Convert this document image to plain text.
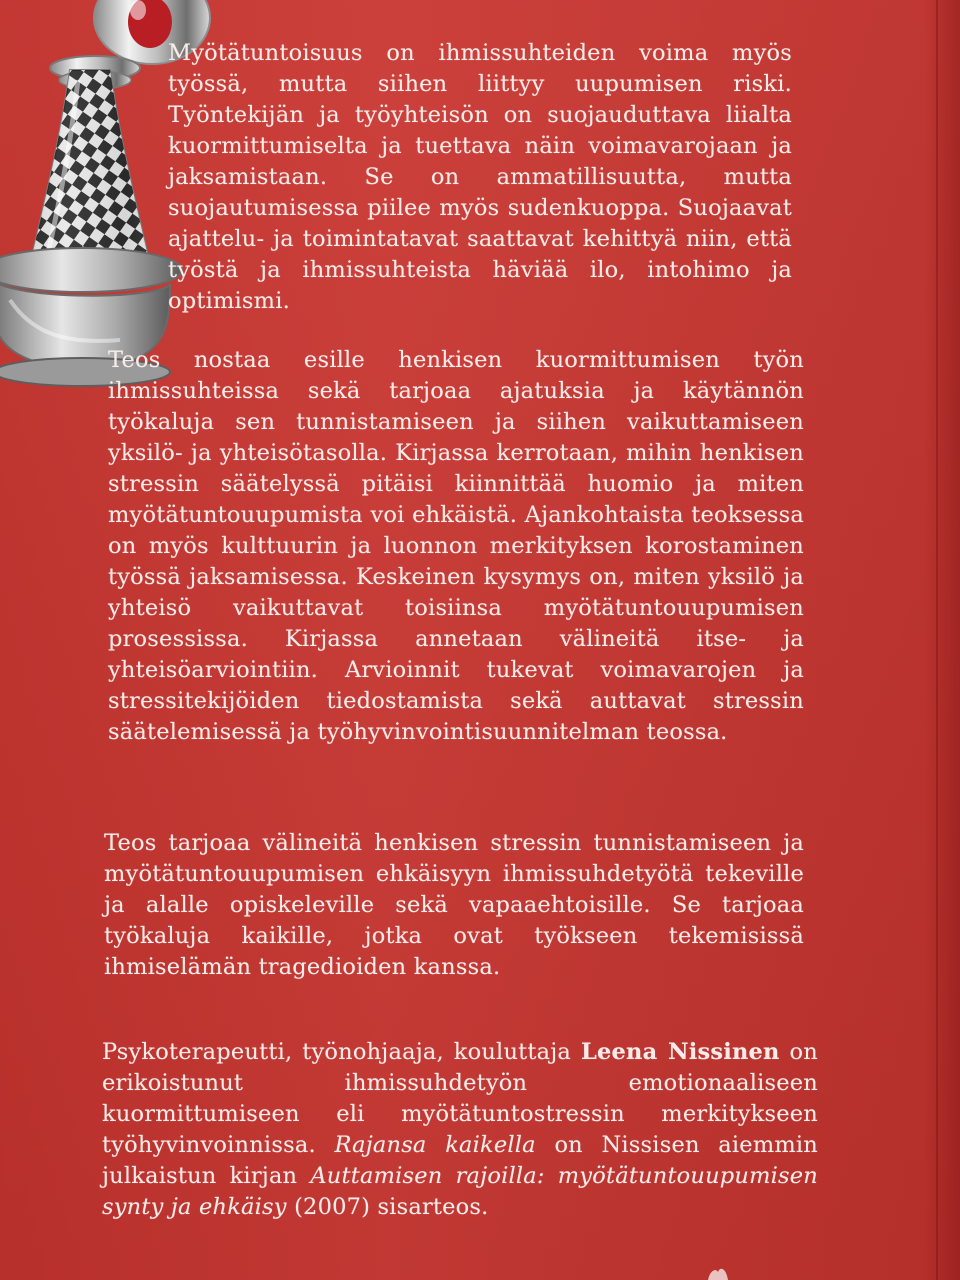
Myötätuntoisuus on ihmissuhteiden voima myös työssä, mutta siihen liittyy uupumisen riski. Työntekijän ja työyhteisön on suojauduttava liialta kuormittumiselta ja tuettava näin voimavarojaan ja jaksamistaan. Se on ammatillisuutta, mutta suojautumisessa piilee myös sudenkuoppa. Suojaavat ajattelu- ja toimintatavat saattavat kehittyä niin, että työstä ja ihmissuhteista häviää ilo, intohimo ja optimismi.

Teos nostaa esille henkisen kuormittumisen työn ihmissuhteissa sekä tarjoaa ajatuksia ja käytännön työkaluja sen tunnistamiseen ja siihen vaikuttamiseen yksilö- ja yhteisötasolla. Kirjassa kerrotaan, mihin henkisen stressin säätelyssä pitäisi kiinnittää huomio ja miten myötätuntouupumista voi ehkäistä. Ajankohtaista teoksessa on myös kulttuurin ja luonnon merkityksen korostaminen työssä jaksamisessa. Keskeinen kysymys on, miten yksilö ja yhteisö vaikuttavat toisiinsa myötätuntouupumisen prosessissa. Kirjassa annetaan välineitä itse- ja yhteisöarviointiin. Arvioinnit tukevat voimavarojen ja stressitekijöiden tiedostamista sekä auttavat stressin säätelemisessä ja työhyvinvointisuunnitelman teossa.

Teos tarjoaa välineitä henkisen stressin tunnistamiseen ja myötätuntouupumisen ehkäisyyn ihmissuhdetyötä tekeville ja alalle opiskeleville sekä vapaaehtoisille. Se tarjoaa työkaluja kaikille, jotka ovat työkseen tekemisissä ihmiselämän tragedioiden kanssa.

Psykoterapeutti, työnohjaaja, kouluttaja Leena Nissinen on erikoistunut ihmissuhdetyön emotionaaliseen kuormittumiseen eli myötätuntostressin merkitykseen työhyvinvoinnissa. Rajansa kaikella on Nissisen aiemmin julkaistun kirjan Auttamisen rajoilla: myötätuntouupumisen synty ja ehkäisy (2007) sisarteos.
